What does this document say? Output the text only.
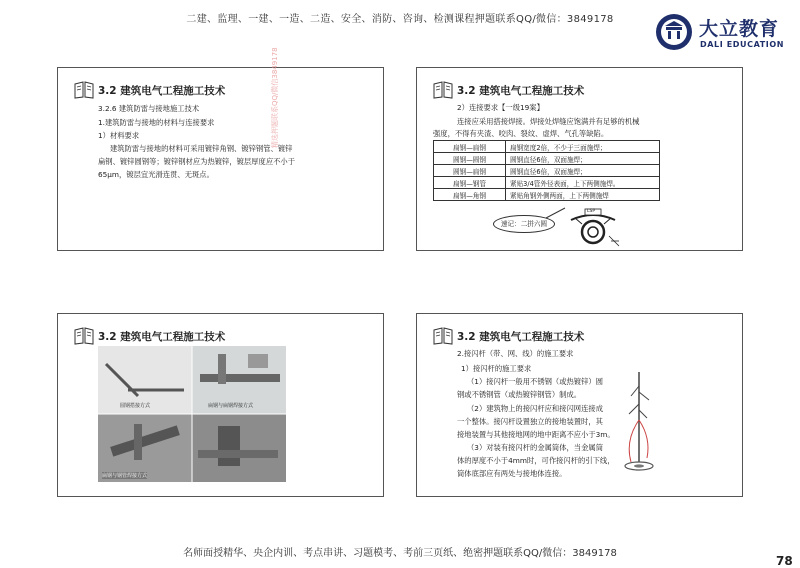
二建、监理、一建、一造、二造、安全、消防、咨询、检测课程押题联系QQ/微信：3849178	大立教育
DALI EDUCATION
3.2 建筑电气工程施工技术
3.2.6 建筑防雷与接地施工技术
1.建筑防雷与接地的材料与连接要求
1）材料要求
建筑防雷与接地的材料可采用镀锌角钢、镀锌钢管、镀锌
扁钢、镀锌圆钢等；镀锌钢材应为热镀锌，镀层厚度应不小于
65μm，镀层宜光滑连贯、无斑点。
3.2 建筑电气工程施工技术
2）连接要求【一级19案】
连接应采用搭接焊接。焊接处焊缝应饱满并有足够的机械
强度，不得有夹渣、咬肉、裂纹、虚焊、气孔等缺陷。
扁钢—扁钢	扁钢宽度2倍，不少于三面施焊；
圆钢—圆钢	圆钢直径6倍，双面施焊；
圆钢—扁钢	圆钢直径6倍，双面施焊；
扁钢—钢管	紧贴3/4管外径表面，上下两侧施焊。
扁钢—角钢	紧贴角钢外侧两面，上下两侧施焊
速记：二拼六圆
LSP
3.2 建筑电气工程施工技术
圆钢搭接方式	扁钢与扁钢焊接方式
扁钢与钢管焊接方式
3.2 建筑电气工程施工技术
2.接闪杆（带、网、线）的施工要求
1）接闪杆的施工要求
（1）接闪杆一般用不锈钢（或热镀锌）圆
钢或不锈钢管（或热镀锌钢管）制成。
（2）建筑物上的接闪杆应和接闪网连接成
一个整体。接闪杆设置独立的接地装置时，其
接地装置与其他接地网的地中距离不应小于3m。
（3）对装有接闪杆的金属筒体，当金属筒
体的厚度不小于4mm时，可作接闪杆的引下线，
筒体底部应有两处与接地体连接。
精选押题联系QQ/微信3849178
名师面授精华、央企内训、考点串讲、习题模考、考前三页纸、绝密押题联系QQ/微信：3849178
78
